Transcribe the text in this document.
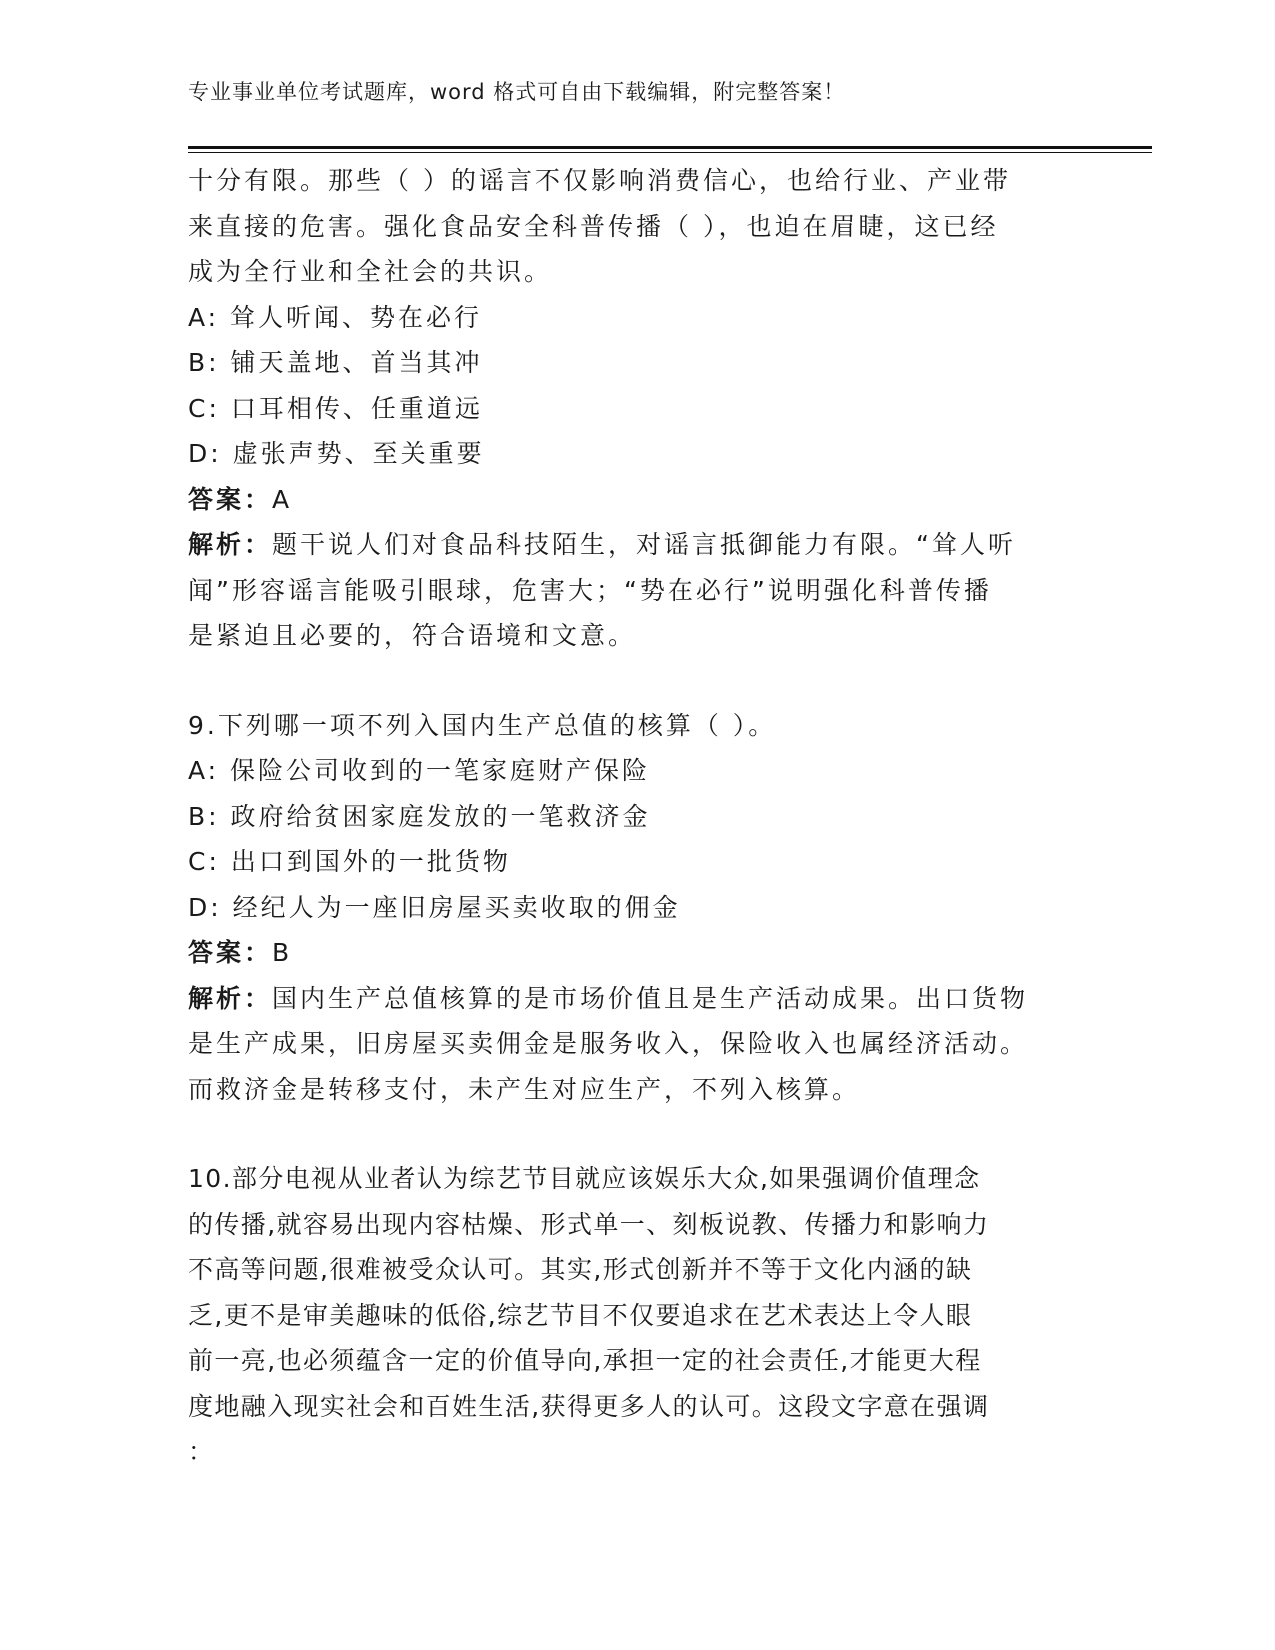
专业事业单位考试题库，word 格式可自由下载编辑，附完整答案！
十分有限。那些（ ）的谣言不仅影响消费信心，也给行业、产业带
来直接的危害。强化食品安全科普传播（ ），也迫在眉睫，这已经
成为全行业和全社会的共识。
A: 耸人听闻、势在必行
B: 铺天盖地、首当其冲
C: 口耳相传、任重道远
D: 虚张声势、至关重要
答案：A
解析：题干说人们对食品科技陌生，对谣言抵御能力有限。“耸人听
闻”形容谣言能吸引眼球，危害大；“势在必行”说明强化科普传播
是紧迫且必要的，符合语境和文意。
9.下列哪一项不列入国内生产总值的核算（ ）。
A: 保险公司收到的一笔家庭财产保险
B: 政府给贫困家庭发放的一笔救济金
C: 出口到国外的一批货物
D: 经纪人为一座旧房屋买卖收取的佣金
答案：B
解析：国内生产总值核算的是市场价值且是生产活动成果。出口货物
是生产成果，旧房屋买卖佣金是服务收入，保险收入也属经济活动。
而救济金是转移支付，未产生对应生产，不列入核算。
10.部分电视从业者认为综艺节目就应该娱乐大众,如果强调价值理念
的传播,就容易出现内容枯燥、形式单一、刻板说教、传播力和影响力
不高等问题,很难被受众认可。其实,形式创新并不等于文化内涵的缺
乏,更不是审美趣味的低俗,综艺节目不仅要追求在艺术表达上令人眼
前一亮,也必须蕴含一定的价值导向,承担一定的社会责任,才能更大程
度地融入现实社会和百姓生活,获得更多人的认可。这段文字意在强调
：
